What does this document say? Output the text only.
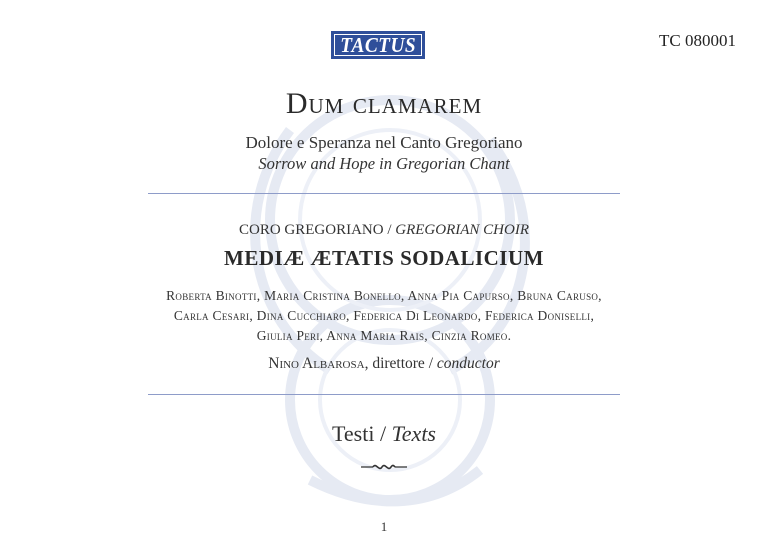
TACTUS	TC 080001
Dum clamarem
Dolore e Speranza nel Canto Gregoriano
Sorrow and Hope in Gregorian Chant
CORO GREGORIANO / GREGORIAN CHOIR
MEDIÆ ÆTATIS SODALICIUM
Roberta Binotti, Maria Cristina Bonello, Anna Pia Capurso, Bruna Caruso,
Carla Cesari, Dina Cucchiaro, Federica Di Leonardo, Federica Doniselli,
Giulia Peri, Anna Maria Rais, Cinzia Romeo.
Nino Albarosa, direttore / conductor
Testi / Texts
1
